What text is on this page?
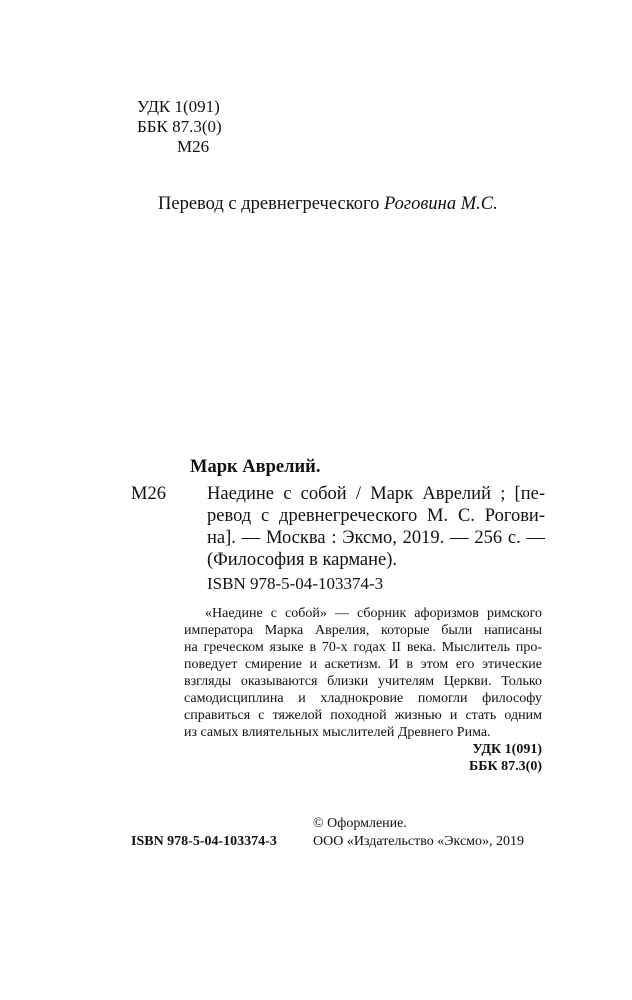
УДК 1(091)
ББК 87.3(0)
М26
Перевод с древнегреческого Роговина М.С.
Марк Аврелий.
М26 Наедине с собой / Марк Аврелий ; [пе-
ревод с древнегреческого М. С. Рогови-
на]. — Москва : Эксмо, 2019. — 256 с. —
(Философия в кармане).
ISBN 978-5-04-103374-3
«Наедине с собой» — сборник афоризмов римского
императора Марка Аврелия, которые были написаны
на греческом языке в 70-х годах II века. Мыслитель про-
поведует смирение и аскетизм. И в этом его этические
взгляды оказываются близки учителям Церкви. Только
самодисциплина и хладнокровие помогли философу
справиться с тяжелой походной жизнью и стать одним
из самых влиятельных мыслителей Древнего Рима.
УДК 1(091)
ББК 87.3(0)
© Оформление.
ООО «Издательство «Эксмо», 2019
ISBN 978-5-04-103374-3
